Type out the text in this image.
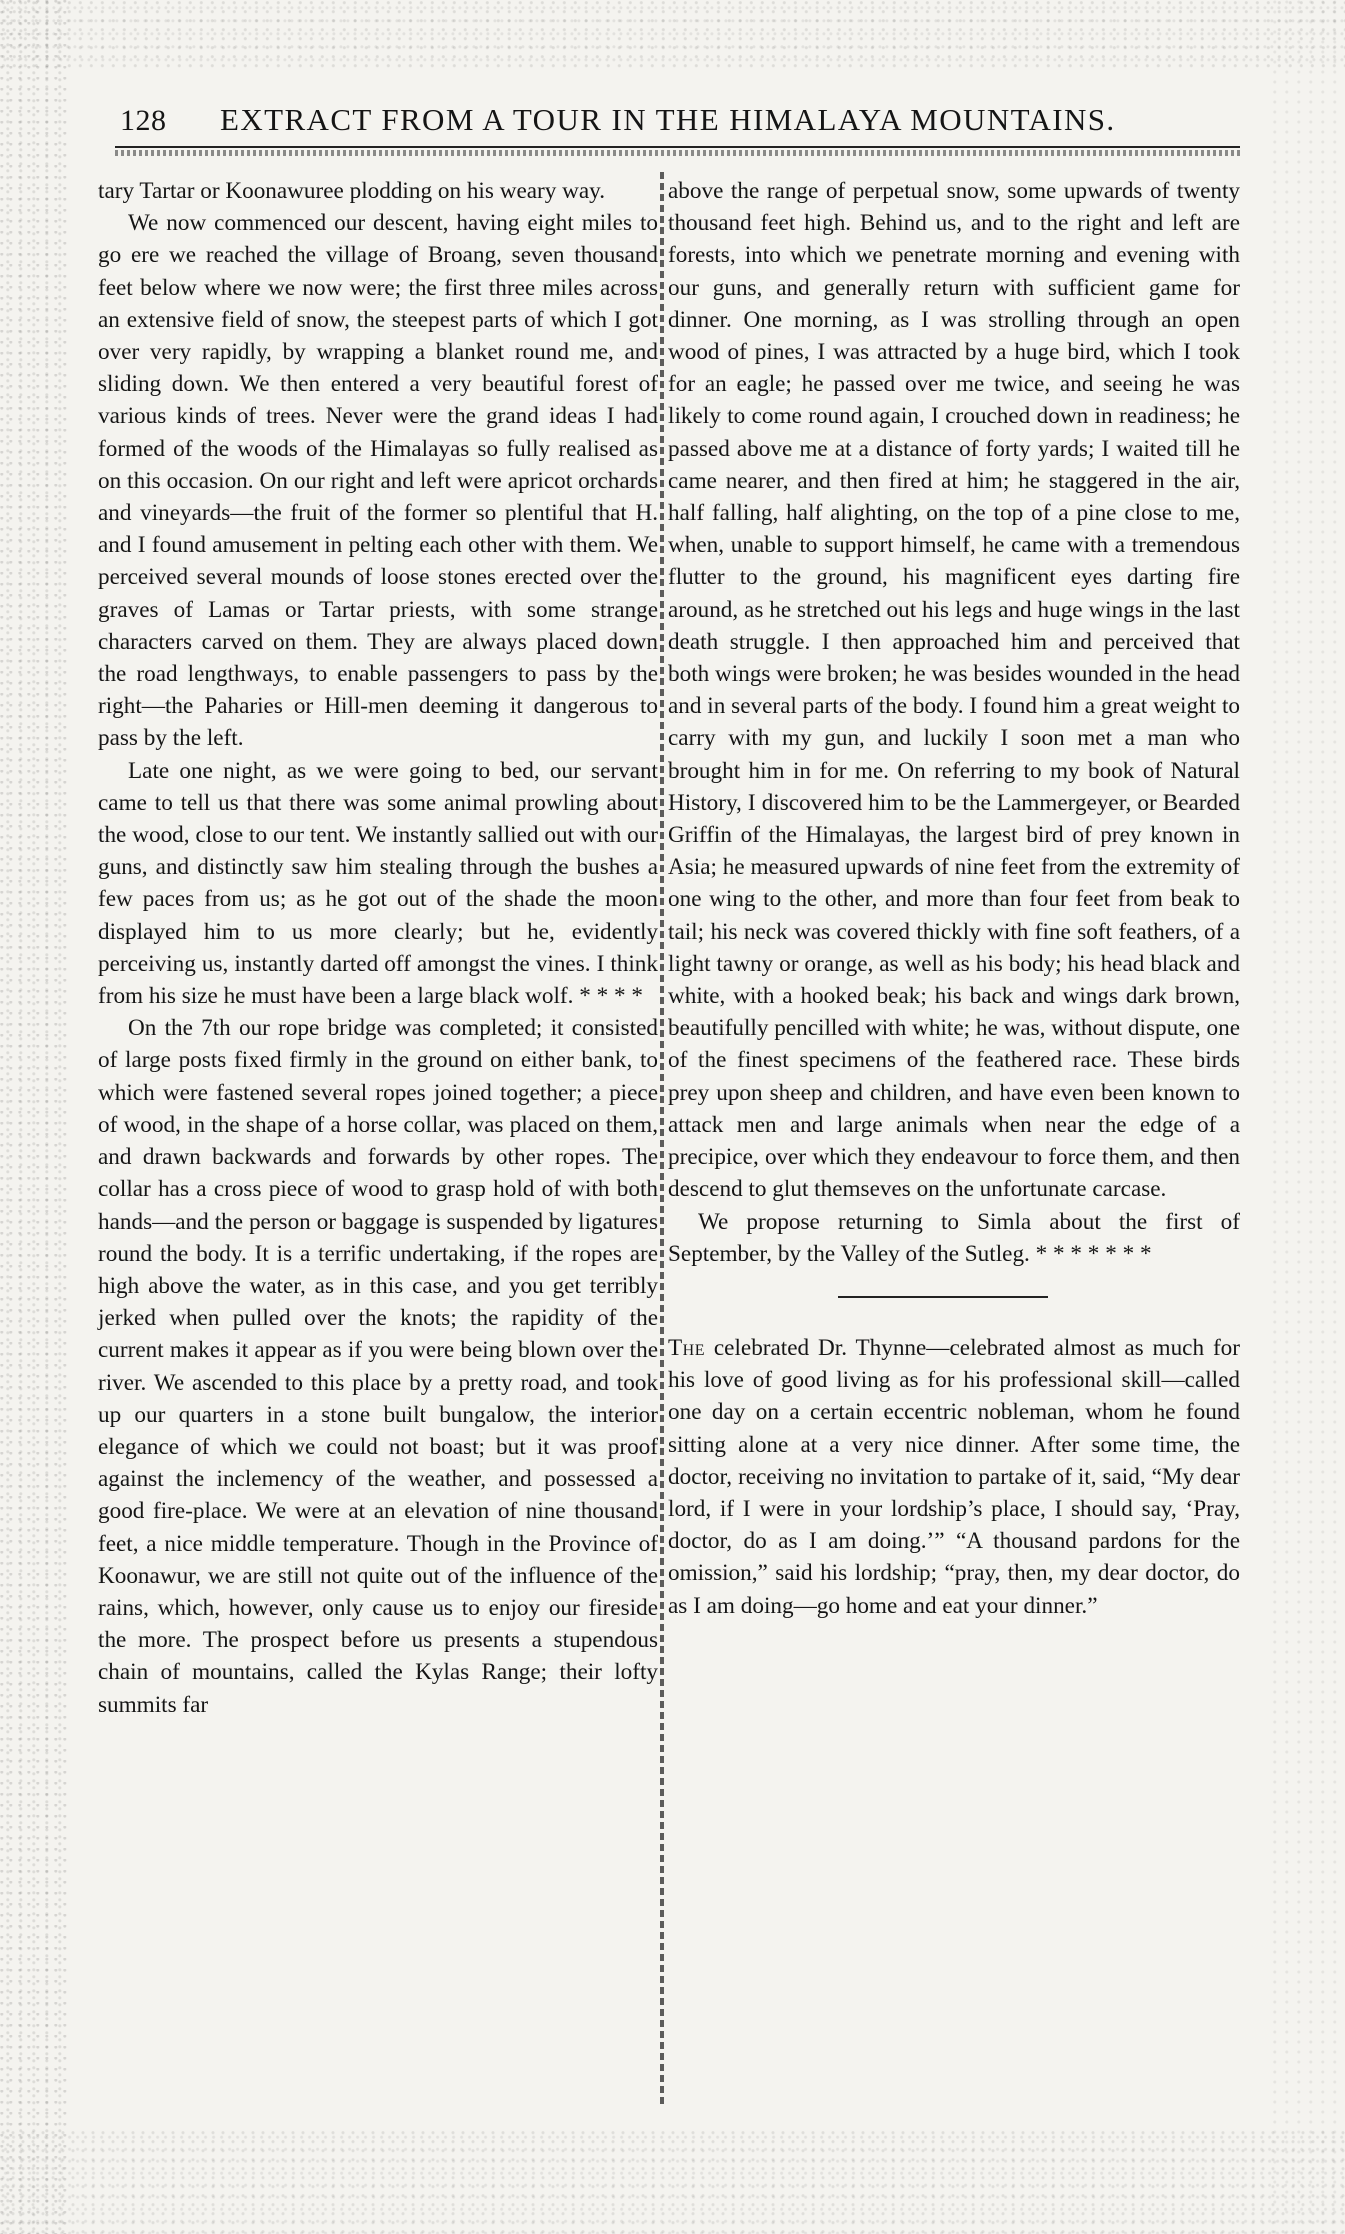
128 EXTRACT FROM A TOUR IN THE HIMALAYA MOUNTAINS.

tary Tartar or Koonawuree plodding on his weary way.

We now commenced our descent, having eight miles to go ere we reached the village of Broang, seven thousand feet below where we now were; the first three miles across an extensive field of snow, the steepest parts of which I got over very rapidly, by wrapping a blanket round me, and sliding down. We then entered a very beautiful forest of various kinds of trees. Never were the grand ideas I had formed of the woods of the Himalayas so fully realised as on this occasion. On our right and left were apricot orchards and vineyards—the fruit of the former so plentiful that H. and I found amusement in pelting each other with them. We perceived several mounds of loose stones erected over the graves of Lamas or Tartar priests, with some strange characters carved on them. They are always placed down the road lengthways, to enable passengers to pass by the right—the Paharies or Hill-men deeming it dangerous to pass by the left.

Late one night, as we were going to bed, our servant came to tell us that there was some animal prowling about the wood, close to our tent. We instantly sallied out with our guns, and distinctly saw him stealing through the bushes a few paces from us; as he got out of the shade the moon displayed him to us more clearly; but he, evidently perceiving us, instantly darted off amongst the vines. I think from his size he must have been a large black wolf. * * * *

On the 7th our rope bridge was completed; it consisted of large posts fixed firmly in the ground on either bank, to which were fastened several ropes joined together; a piece of wood, in the shape of a horse collar, was placed on them, and drawn backwards and forwards by other ropes. The collar has a cross piece of wood to grasp hold of with both hands—and the person or baggage is suspended by ligatures round the body. It is a terrific undertaking, if the ropes are high above the water, as in this case, and you get terribly jerked when pulled over the knots; the rapidity of the current makes it appear as if you were being blown over the river. We ascended to this place by a pretty road, and took up our quarters in a stone built bungalow, the interior elegance of which we could not boast; but it was proof against the inclemency of the weather, and possessed a good fire-place. We were at an elevation of nine thousand feet, a nice middle temperature. Though in the Province of Koonawur, we are still not quite out of the influence of the rains, which, however, only cause us to enjoy our fireside the more. The prospect before us presents a stupendous chain of mountains, called the Kylas Range; their lofty summits far

above the range of perpetual snow, some upwards of twenty thousand feet high. Behind us, and to the right and left are forests, into which we penetrate morning and evening with our guns, and generally return with sufficient game for dinner. One morning, as I was strolling through an open wood of pines, I was attracted by a huge bird, which I took for an eagle; he passed over me twice, and seeing he was likely to come round again, I crouched down in readiness; he passed above me at a distance of forty yards; I waited till he came nearer, and then fired at him; he staggered in the air, half falling, half alighting, on the top of a pine close to me, when, unable to support himself, he came with a tremendous flutter to the ground, his magnificent eyes darting fire around, as he stretched out his legs and huge wings in the last death struggle. I then approached him and perceived that both wings were broken; he was besides wounded in the head and in several parts of the body. I found him a great weight to carry with my gun, and luckily I soon met a man who brought him in for me. On referring to my book of Natural History, I discovered him to be the Lammergeyer, or Bearded Griffin of the Himalayas, the largest bird of prey known in Asia; he measured upwards of nine feet from the extremity of one wing to the other, and more than four feet from beak to tail; his neck was covered thickly with fine soft feathers, of a light tawny or orange, as well as his body; his head black and white, with a hooked beak; his back and wings dark brown, beautifully pencilled with white; he was, without dispute, one of the finest specimens of the feathered race. These birds prey upon sheep and children, and have even been known to attack men and large animals when near the edge of a precipice, over which they endeavour to force them, and then descend to glut themseves on the unfortunate carcase.

We propose returning to Simla about the first of September, by the Valley of the Sutleg. * * * * * * *

The celebrated Dr. Thynne—celebrated almost as much for his love of good living as for his professional skill—called one day on a certain eccentric nobleman, whom he found sitting alone at a very nice dinner. After some time, the doctor, receiving no invitation to partake of it, said, “My dear lord, if I were in your lordship’s place, I should say, ‘Pray, doctor, do as I am doing.’” “A thousand pardons for the omission,” said his lordship; “pray, then, my dear doctor, do as I am doing—go home and eat your dinner.”
